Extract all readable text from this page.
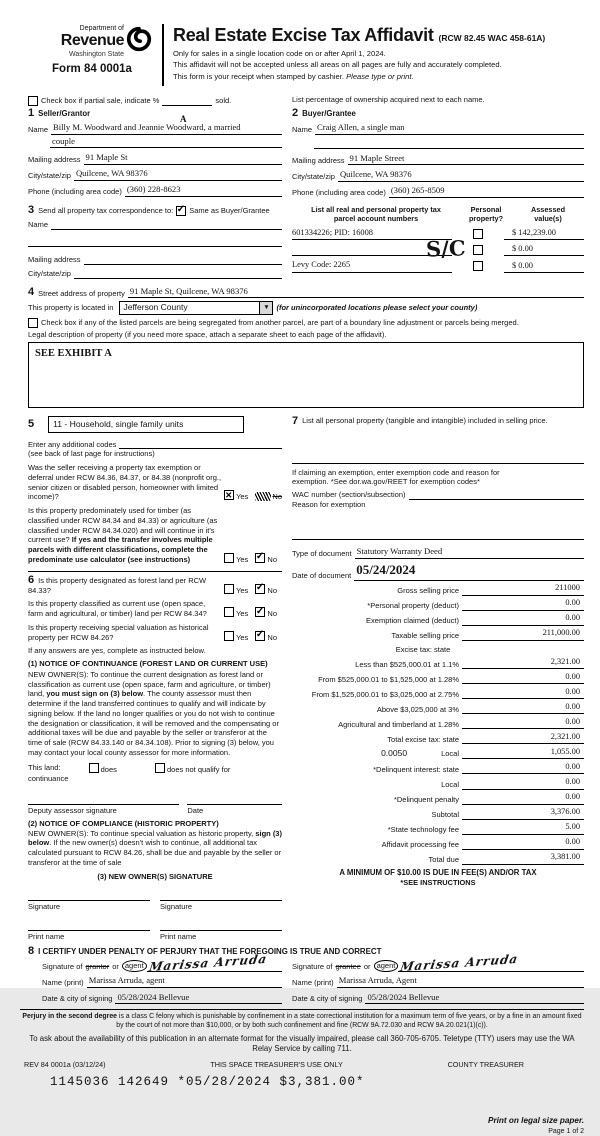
Department of
Revenue
Washington State
Form 84 0001a
Real Estate Excise Tax Affidavit (RCW 82.45 WAC 458-61A)
Only for sales in a single location code on or after April 1, 2024.
This affidavit will not be accepted unless all areas on all pages are fully and accurately completed.
This form is your receipt when stamped by cashier. Please type or print.
Check box if partial sale, indicate %	sold.	List percentage of ownership acquired next to each name.
1 Seller/Grantor
A
Name Billy M. Woodward and Jeannie Woodward, a married
couple
Mailing address 91 Maple St
City/state/zip Quilcene, WA 98376
Phone (including area code) (360) 228-8623
2 Buyer/Grantee
Name Craig Allen, a single man
Mailing address 91 Maple Street
City/state/zip Quilcene, WA 98376
Phone (including area code) (360) 265-8509
3 Send all property tax correspondence to: ✓	Same as Buyer/Grantee
Name
Mailing address
City/state/zip
List all real and personal property tax
parcel account numbers
Personal
property?
Assessed
value(s)
S/C
601334226; PID: 16008	$ 142,239.00
$ 0.00
Levy Code: 2265	$ 0.00
4 Street address of property 91 Maple St, Quilcene, WA 98376
This property is located in	Jefferson County	▼ (for unincorporated locations please select your county)
Check box if any of the listed parcels are being segregated from another parcel, are part of a boundary line adjustment or parcels being merged.
Legal description of property (if you need more space, attach a separate sheet to each page of the affidavit).
SEE EXHIBIT A
5	11 - Household, single family units
Enter any additional codes
(see back of last page for instructions)
Was the seller receiving a property tax exemption or deferral under RCW 84.36, 84.37, or 84.38 (nonprofit org., senior citizen or disabled person, homeowner with limited income)? ✕	Yes	No
Is this property predominately used for timber (as classified under RCW 84.34 and 84.33) or agriculture (as classified under RCW 84.34.020) and will continue in it's current use? If yes and the transfer involves multiple parcels with different classifications, complete the predominate use calculator (see instructions)	Yes ✓	No
6 Is this property designated as forest land per RCW 84.33?	Yes ✓	No
Is this property classified as current use (open space, farm and agricultural, or timber) land per RCW 84.34?	Yes ✓	No
Is this property receiving special valuation as historical property per RCW 84.26?	Yes ✓	No
If any answers are yes, complete as instructed below.
(1) NOTICE OF CONTINUANCE (FOREST LAND OR CURRENT USE)
NEW OWNER(S): To continue the current designation as forest land or classification as current use (open space, farm and agriculture, or timber) land, you must sign on (3) below. The county assessor must then determine if the land transferred continues to qualify and will indicate by signing below. If the land no longer qualifies or you do not wish to continue the designation or classification, it will be removed and the compensating or additional taxes will be due and payable by the seller or transferor at the time of sale (RCW 84.33.140 or 84.34.108). Prior to signing (3) below, you may contact your local county assessor for more information.
This land:	does	does not qualify for
continuance
Deputy assessor signature	Date
(2) NOTICE OF COMPLIANCE (HISTORIC PROPERTY)
NEW OWNER(S): To continue special valuation as historic property, sign (3) below. If the new owner(s) doesn't wish to continue, all additional tax calculated pursuant to RCW 84.26, shall be due and payable by the seller or transferor at the time of sale
(3) NEW OWNER(S) SIGNATURE
Signature	Signature
Print name	Print name
7 List all personal property (tangible and intangible) included in selling price.
If claiming an exemption, enter exemption code and reason for
exemption. *See dor.wa.gov/REET for exemption codes*
WAC number (section/subsection)
Reason for exemption
Type of document Statutory Warranty Deed
Date of document 05/24/2024
Gross selling price	211000
*Personal property (deduct)	0.00
Exemption claimed (deduct)	0.00
Taxable selling price	211,000.00
Excise tax: state
Less than $525,000.01 at 1.1%	2,321.00
From $525,000.01 to $1,525,000 at 1.28%	0.00
From $1,525,000.01 to $3,025,000 at 2.75%	0.00
Above $3,025,000 at 3%	0.00
Agricultural and timberland at 1.28%	0.00
Total excise tax: state	2,321.00
0.0050	Local	1,055.00
*Delinquent interest: state	0.00
Local	0.00
*Delinquent penalty	0.00
Subtotal	3,376.00
*State technology fee	5.00
Affidavit processing fee	0.00
Total due	3,381.00
A MINIMUM OF $10.00 IS DUE IN FEE(S) AND/OR TAX
*SEE INSTRUCTIONS
8 I CERTIFY UNDER PENALTY OF PERJURY THAT THE FOREGOING IS TRUE AND CORRECT
Signature of grantor or agent Marissa Arruda
Name (print) Marissa Arruda, agent
Date & city of signing 05/28/2024 Bellevue
Signature of grantee or agent Marissa Arruda
Name (print) Marissa Arruda, Agent
Date & city of signing 05/28/2024 Bellevue
Perjury in the second degree is a class C felony which is punishable by confinement in a state correctional institution for a maximum term of five years, or by a fine in an amount fixed by the court of not more than $10,000, or by both such confinement and fine (RCW 9A.72.030 and RCW 9A.20.021(1)(c)).
To ask about the availability of this publication in an alternate format for the visually impaired, please call 360-705-6705. Teletype (TTY) users may use the WA Relay Service by calling 711.
REV 84 0001a (03/12/24)	THIS SPACE TREASURER'S USE ONLY	COUNTY TREASURER
1145036 142649 *05/28/2024 $3,381.00*
Print on legal size paper.
Page 1 of 2
